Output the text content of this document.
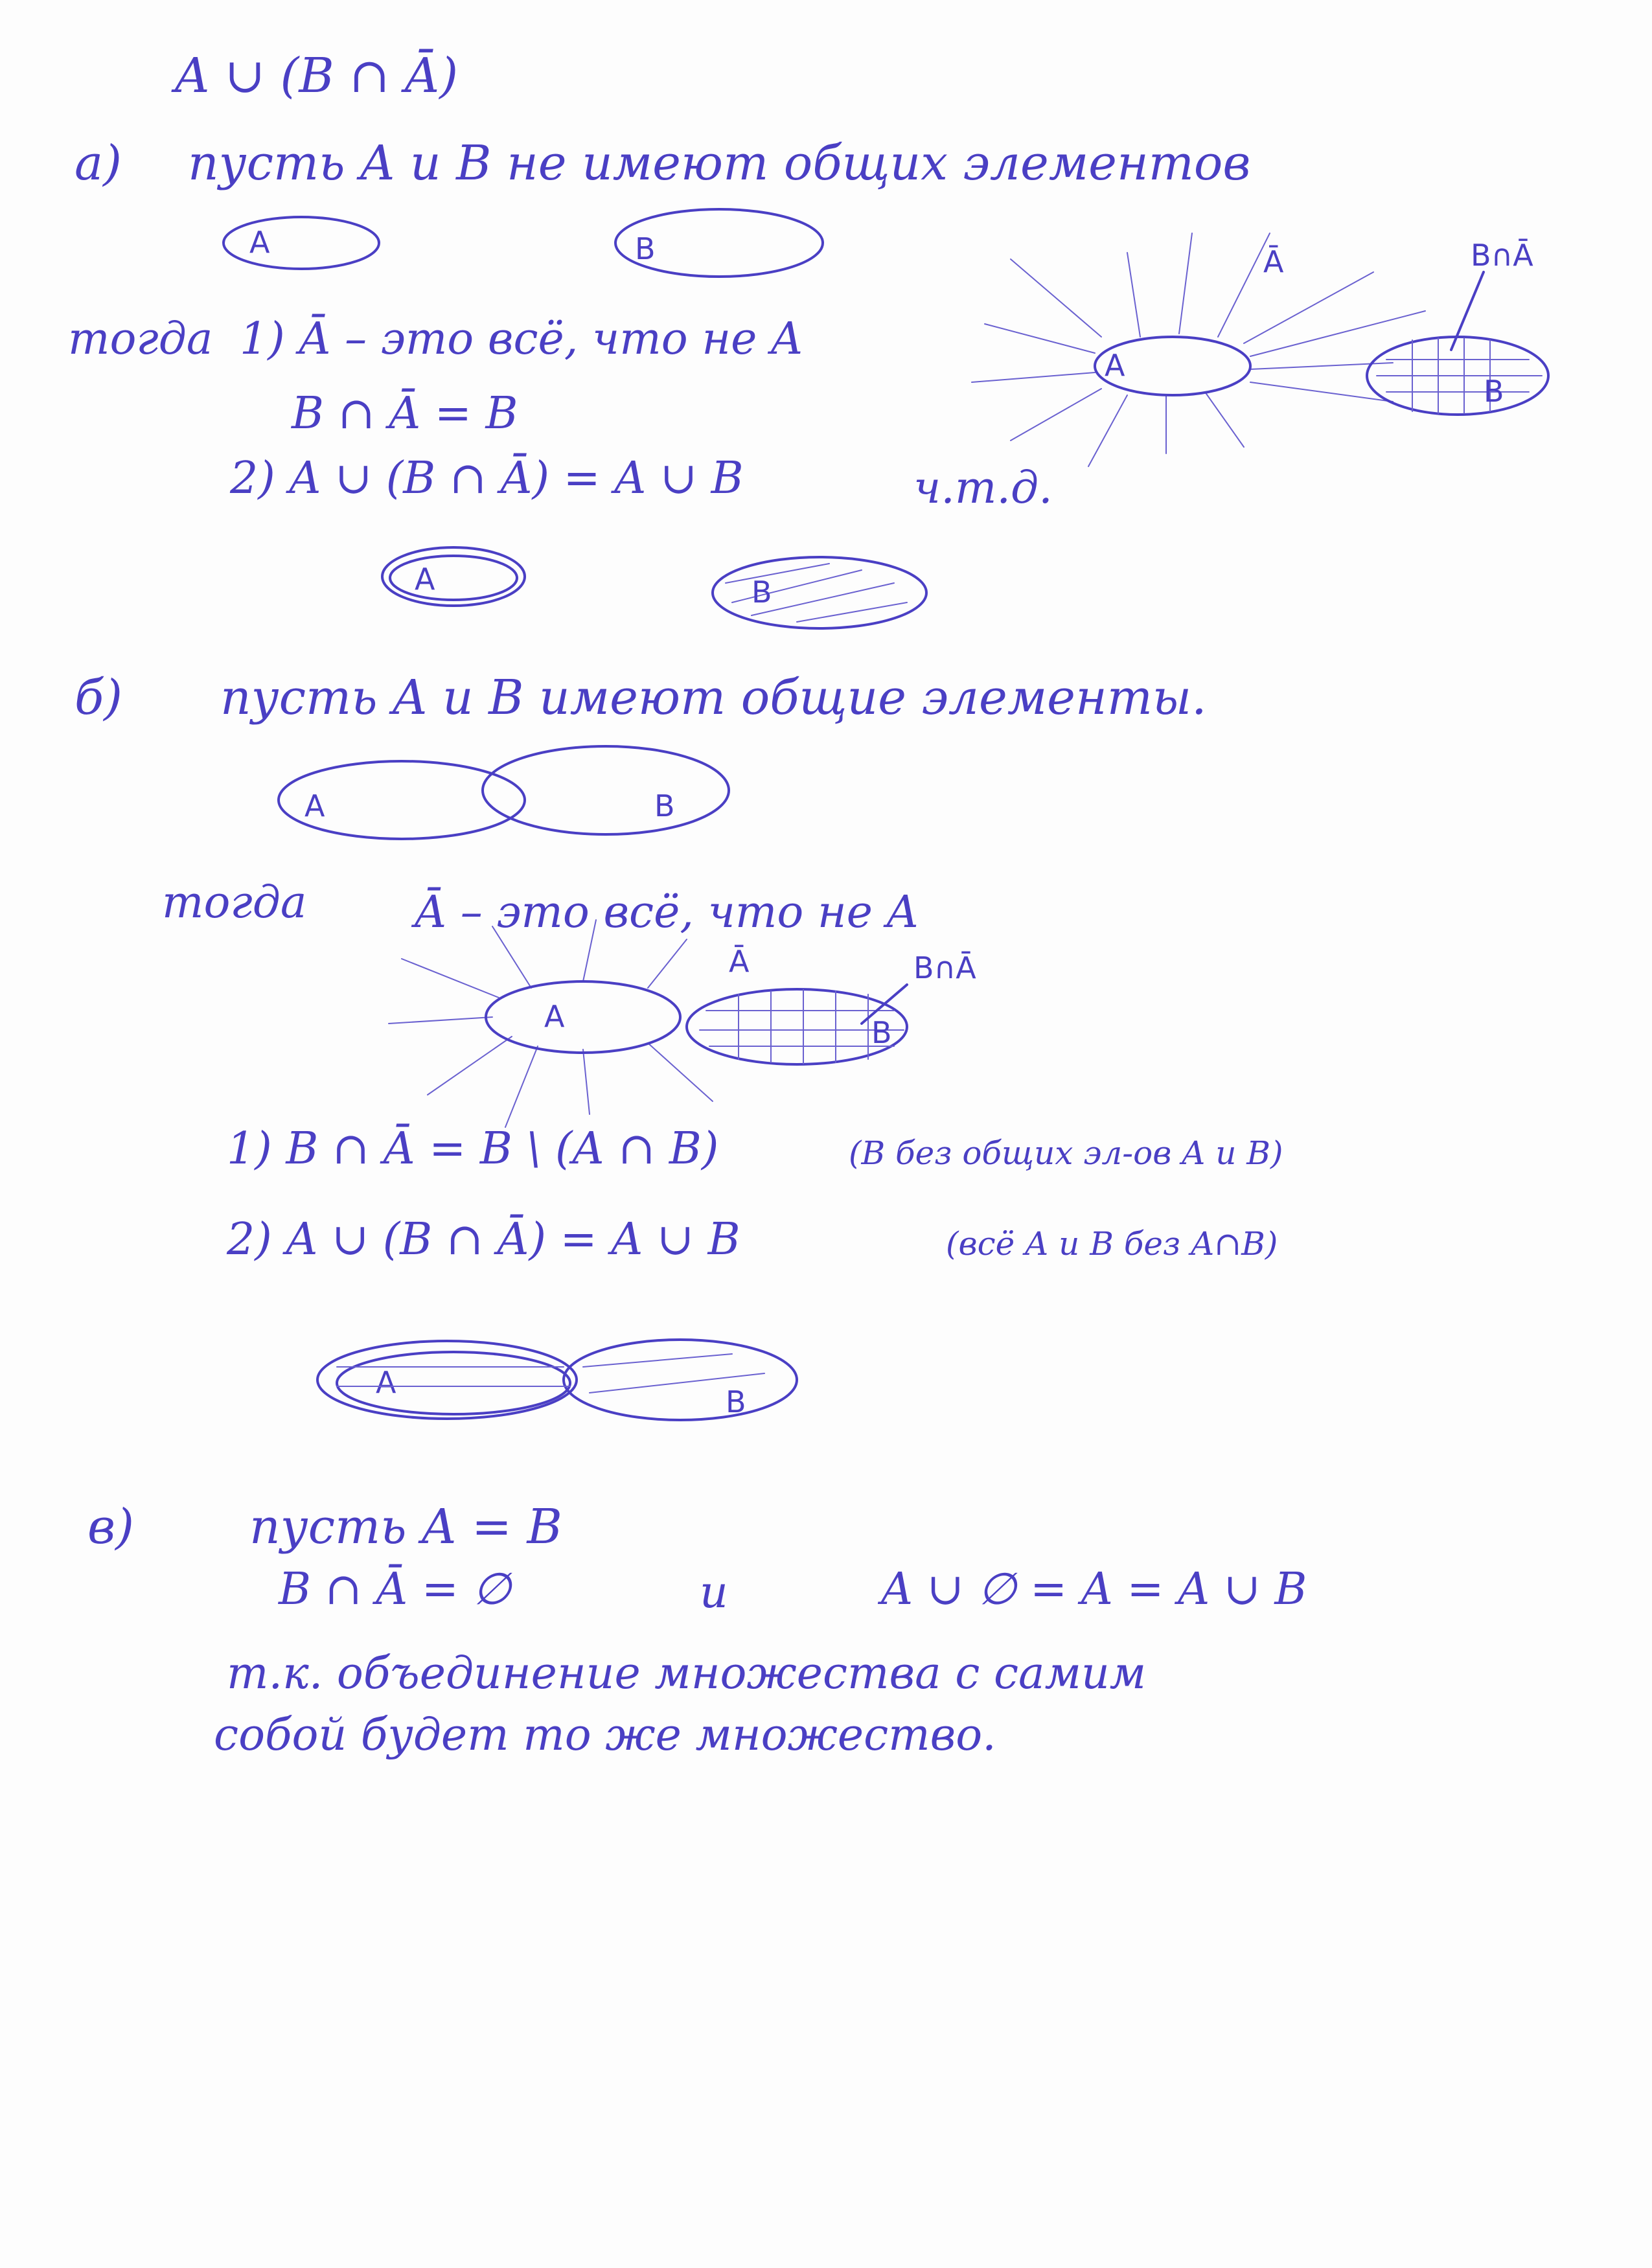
A ∪ (B ∩ Ā)
а) пусть A и B не имеют общих элементов
A	B
A
B
Ā	B∩Ā
A	B
тогда 1) Ā – это всё, что не A
B ∩ Ā = B
2) A ∪ (B ∩ Ā) = A ∪ B	ч.т.д.
б) пусть A и B имеют общие элементы.
A	B
A	B
Ā	B∩Ā
A
B
тогда Ā – это всё, что не A
1) B ∩ Ā = B \ (A ∩ B)	(B без общих эл-ов A и B)
2) A ∪ (B ∩ Ā) = A ∪ B	(всё A и B без A∩B)
в) пусть A = B
B ∩ Ā = ∅	и	A ∪ ∅ = A = A ∪ B
т.к. объединение множества с самим
собой будет то же множество.
